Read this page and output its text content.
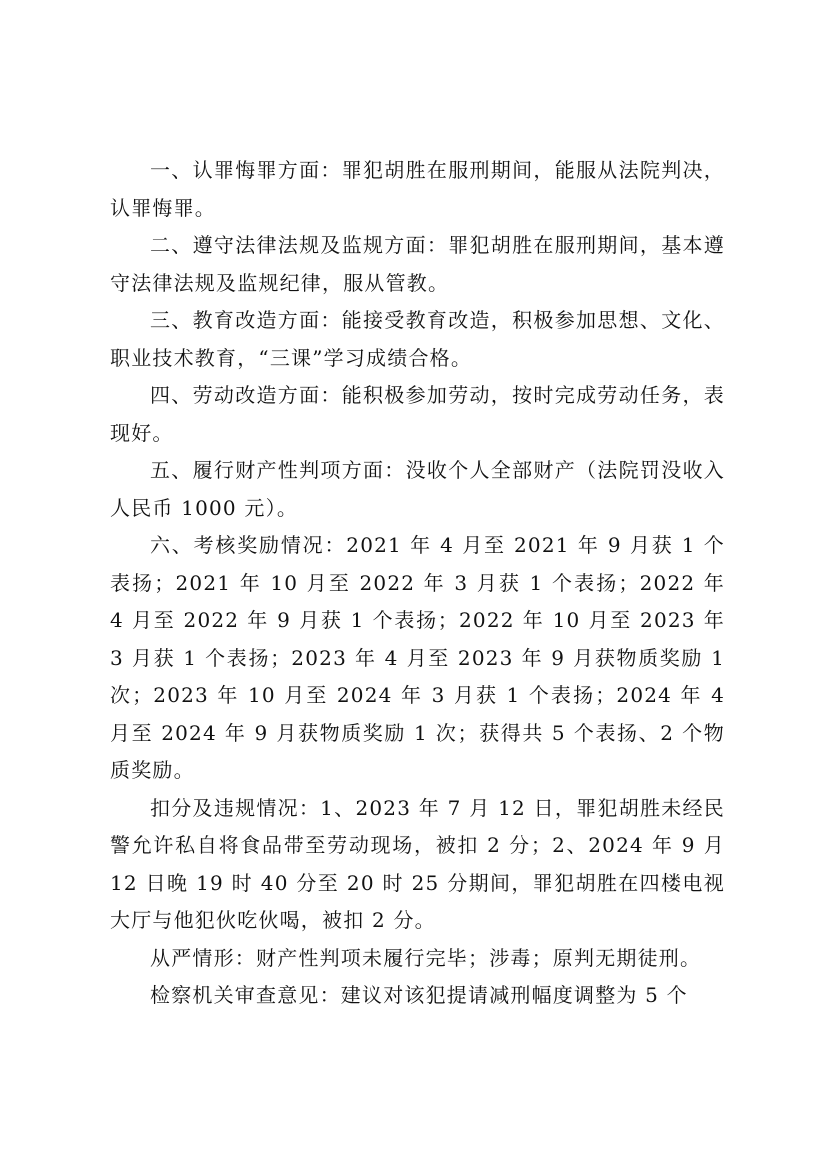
一、认罪悔罪方面：罪犯胡胜在服刑期间，能服从法院判决，认罪悔罪。

二、遵守法律法规及监规方面：罪犯胡胜在服刑期间，基本遵守法律法规及监规纪律，服从管教。

三、教育改造方面：能接受教育改造，积极参加思想、文化、职业技术教育，“三课”学习成绩合格。

四、劳动改造方面：能积极参加劳动，按时完成劳动任务，表现好。

五、履行财产性判项方面：没收个人全部财产（法院罚没收入人民币 1000 元）。

六、考核奖励情况：2021 年 4 月至 2021 年 9 月获 1 个表扬；2021 年 10 月至 2022 年 3 月获 1 个表扬；2022 年 4 月至 2022 年 9 月获 1 个表扬；2022 年 10 月至 2023 年 3 月获 1 个表扬；2023 年 4 月至 2023 年 9 月获物质奖励 1 次；2023 年 10 月至 2024 年 3 月获 1 个表扬；2024 年 4 月至 2024 年 9 月获物质奖励 1 次；获得共 5 个表扬、2 个物质奖励。

扣分及违规情况：1、2023 年 7 月 12 日，罪犯胡胜未经民警允许私自将食品带至劳动现场，被扣 2 分；2、2024 年 9 月 12 日晚 19 时 40 分至 20 时 25 分期间，罪犯胡胜在四楼电视大厅与他犯伙吃伙喝，被扣 2 分。

从严情形：财产性判项未履行完毕；涉毒；原判无期徒刑。

检察机关审查意见：建议对该犯提请减刑幅度调整为 5 个
